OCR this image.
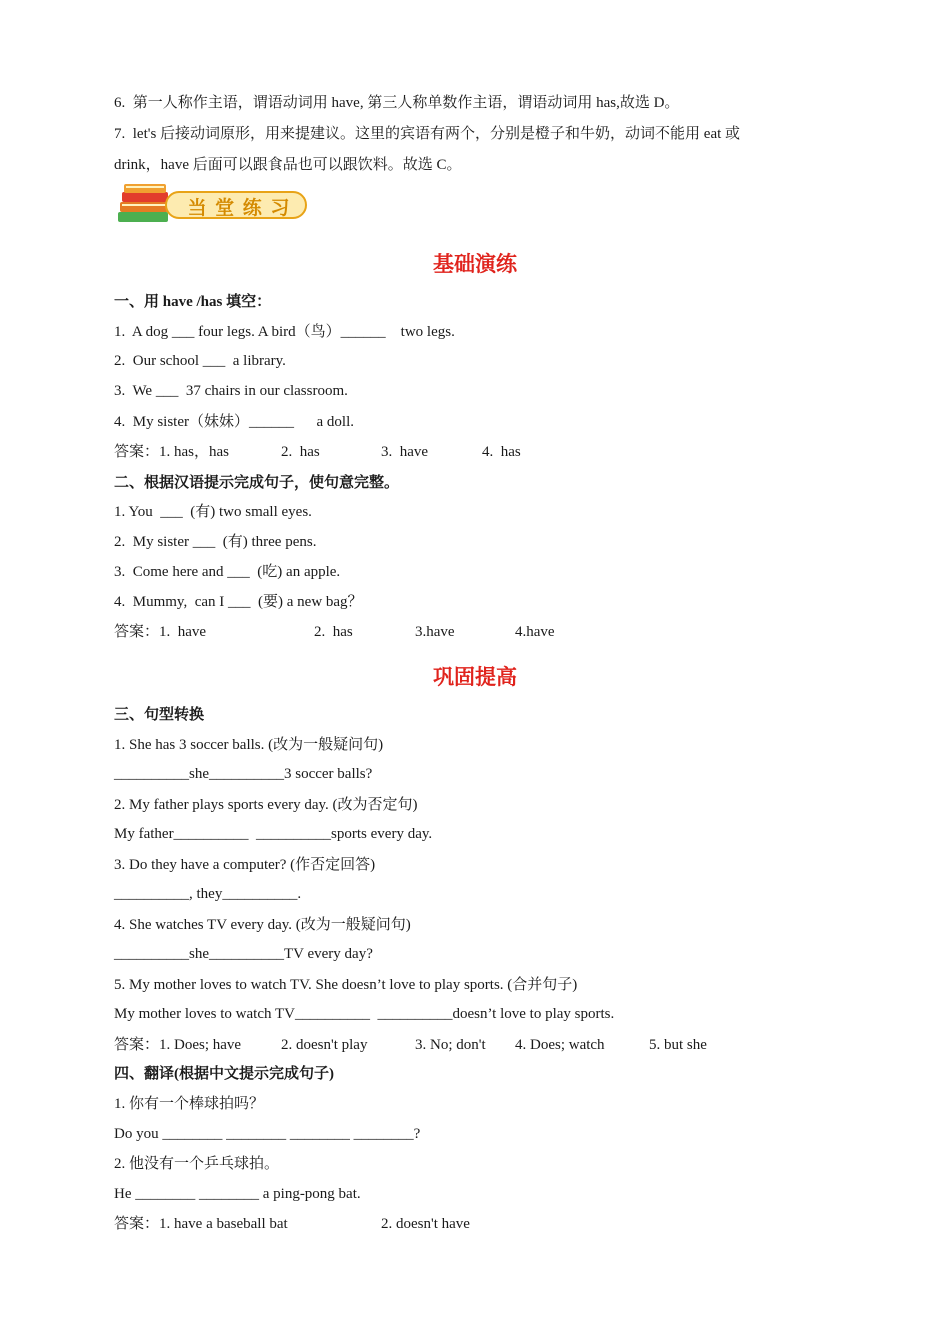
6.  第一人称作主语，谓语动词用 have, 第三人称单数作主语，谓语动词用 has,故选 D。
7.  let's 后接动词原形，用来提建议。这里的宾语有两个，分别是橙子和牛奶，动词不能用 eat 或
drink，have 后面可以跟食品也可以跟饮料。故选 C。
当 堂 练 习
基础演练
一、用 have /has 填空：
1.  A dog ___ four legs. A bird（鸟）______    two legs.
2.  Our school ___  a library.
3.  We ___  37 chairs in our classroom.
4.  My sister（妹妹）______      a doll.
答案：1. has，has	2.  has	3.  have	4.  has
二、根据汉语提示完成句子，使句意完整。
1. You  ___  (有) two small eyes.
2.  My sister ___  (有) three pens.
3.  Come here and ___  (吃) an apple.
4.  Mummy,  can I ___  (要) a new bag？
答案：1.  have	2.  has	3.have	4.have
巩固提高
三、句型转换
1. She has 3 soccer balls. (改为一般疑问句)
__________she__________3 soccer balls?
2. My father plays sports every day. (改为否定句)
My father__________  __________sports every day.
3. Do they have a computer? (作否定回答)
__________, they__________.
4. She watches TV every day. (改为一般疑问句)
__________she__________TV every day?
5. My mother loves to watch TV. She doesn’t love to play sports. (合并句子)
My mother loves to watch TV__________  __________doesn’t love to play sports.
答案：1. Does; have	2. doesn't play	3. No; don't 4. Does; watch	5. but she
四、翻译(根据中文提示完成句子)
1. 你有一个棒球拍吗？
Do you ________ ________ ________ ________?
2. 他没有一个乒乓球拍。
He ________ ________ a ping-pong bat.
答案：1. have a baseball bat	2. doesn't have
